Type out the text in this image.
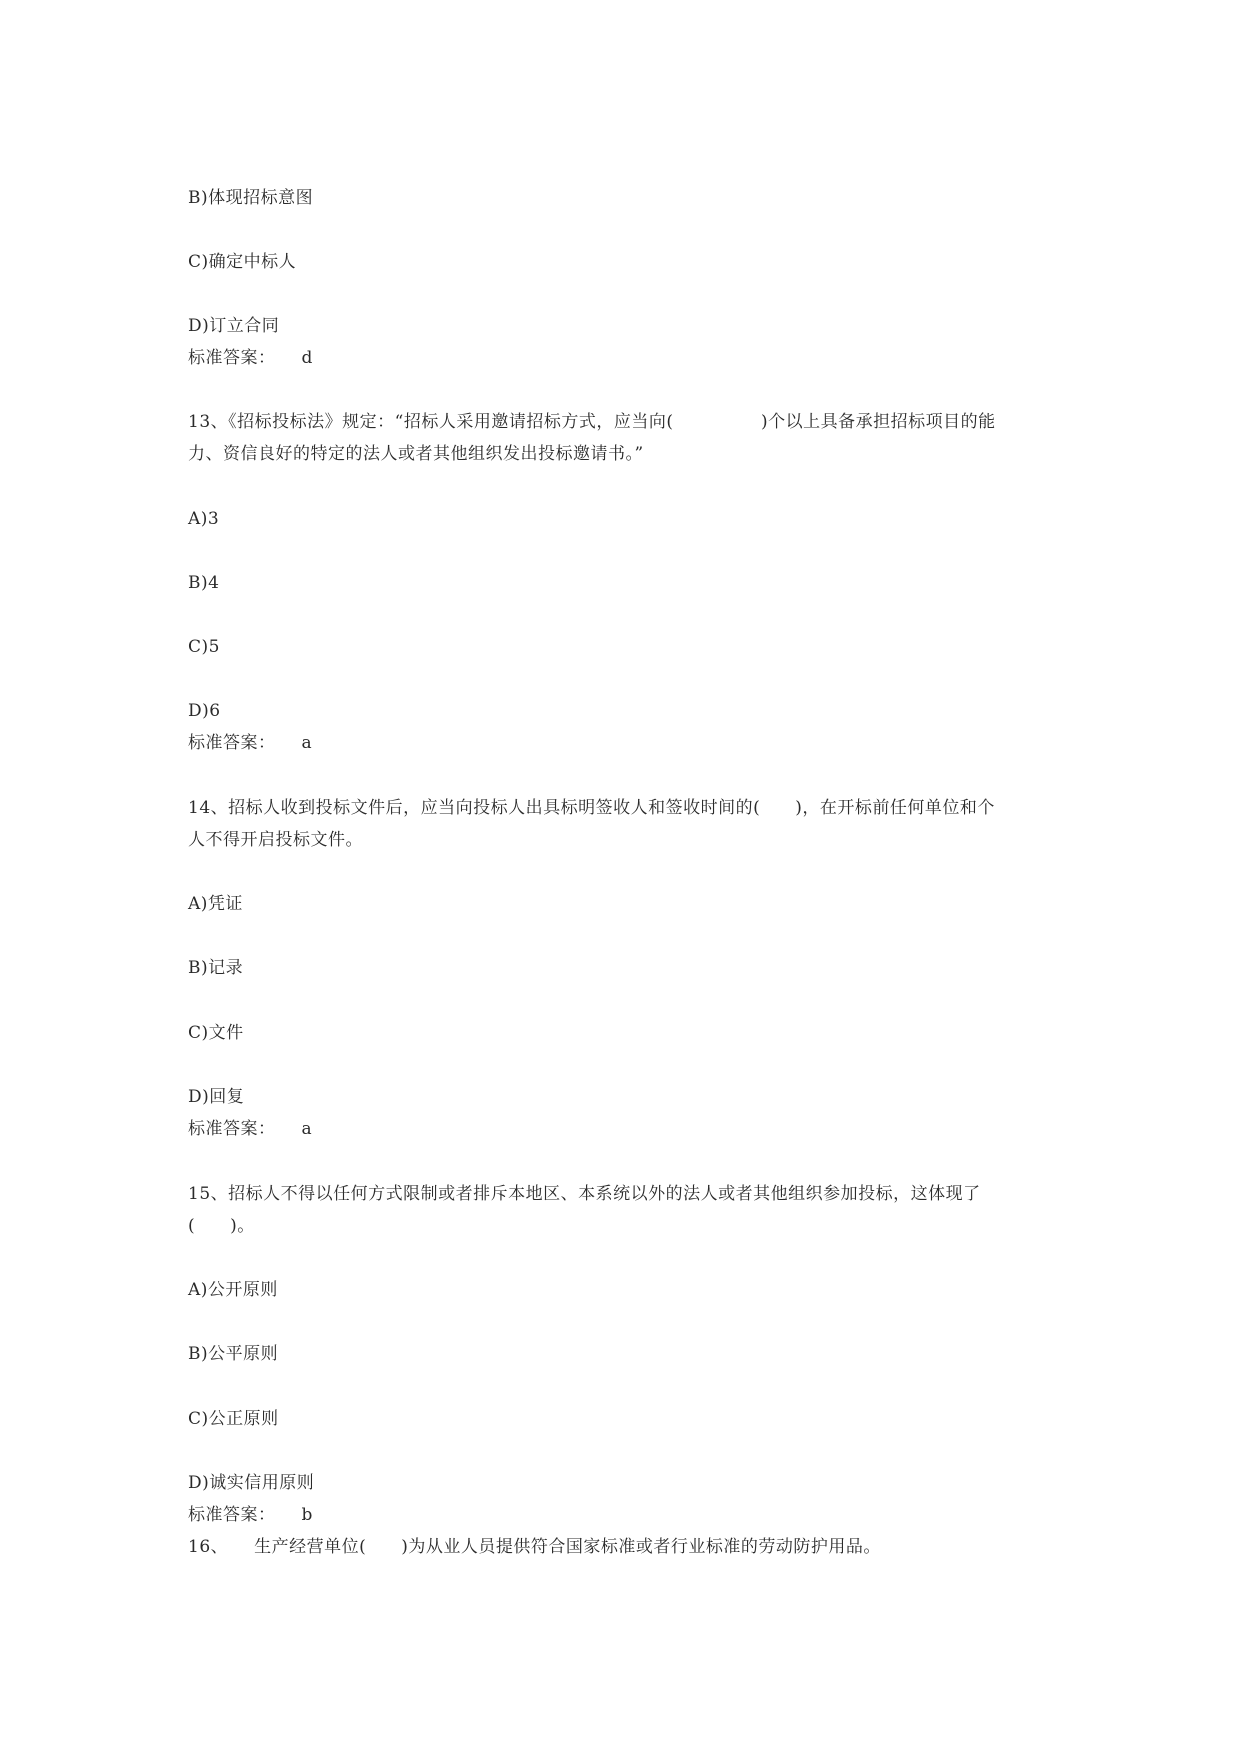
B)体现招标意图
C)确定中标人
D)订立合同
标准答案： d
13、《招标投标法》规定：“招标人采用邀请招标方式，应当向(　　　　　)个以上具备承担招标项目的能
力、资信良好的特定的法人或者其他组织发出投标邀请书。”
A)3
B)4
C)5
D)6
标准答案： a
14、招标人收到投标文件后，应当向投标人出具标明签收人和签收时间的(　　)，在开标前任何单位和个
人不得开启投标文件。
A)凭证
B)记录
C)文件
D)回复
标准答案： a
15、招标人不得以任何方式限制或者排斥本地区、本系统以外的法人或者其他组织参加投标，这体现了
(　　)。
A)公开原则
B)公平原则
C)公正原则
D)诚实信用原则
标准答案： b
16、 生产经营单位(　　)为从业人员提供符合国家标准或者行业标准的劳动防护用品。
